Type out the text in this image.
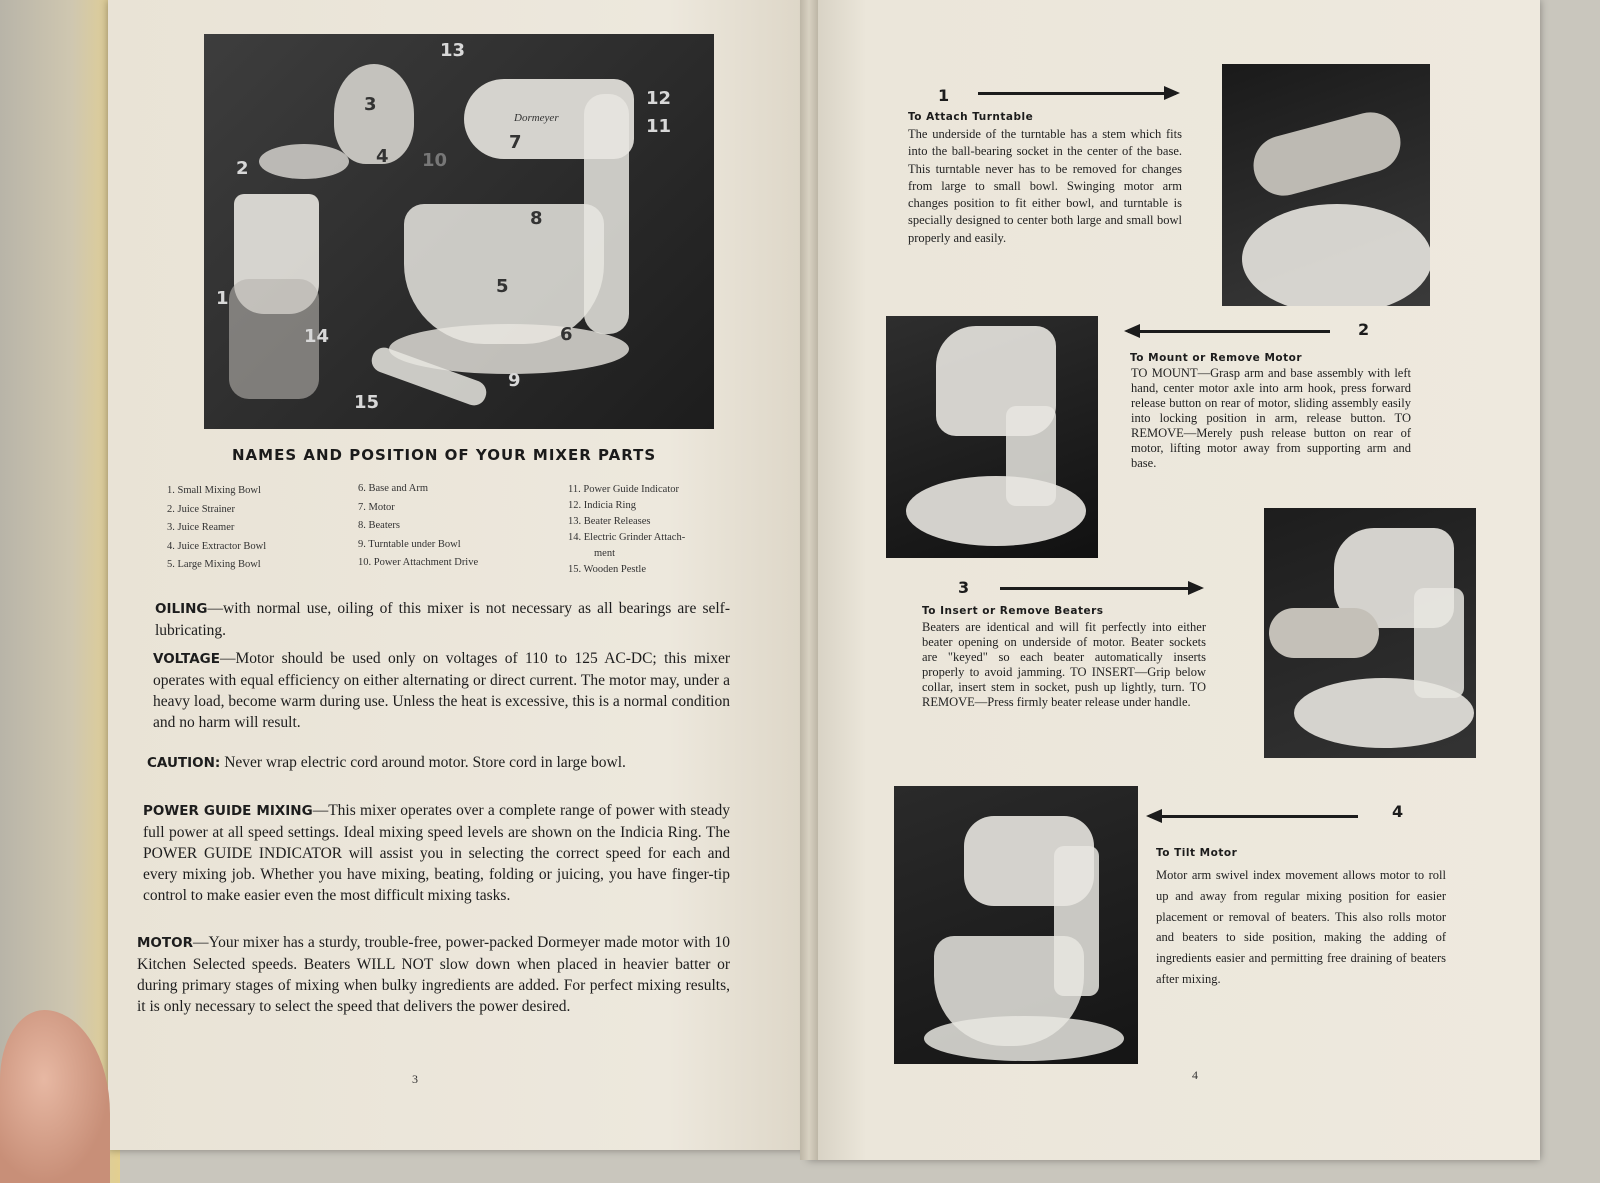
Dormeyer
13
3
2
4 10
7
12
11
8
5
1
14	6
9
15
NAMES AND POSITION OF YOUR MIXER PARTS
1. Small Mixing Bowl
2. Juice Strainer
3. Juice Reamer
4. Juice Extractor Bowl
5. Large Mixing Bowl
6. Base and Arm
7. Motor
8. Beaters
9. Turntable under Bowl
10. Power Attachment Drive
11. Power Guide Indicator
12. Indicia Ring
13. Beater Releases
14. Electric Grinder Attach-
ment
15. Wooden Pestle
OILING—with normal use, oiling of this mixer is not necessary as all bearings are self-lubricating.
VOLTAGE—Motor should be used only on voltages of 110 to 125 AC-DC; this mixer operates with equal efficiency on either alternating or direct current. The motor may, under a heavy load, become warm during use. Unless the heat is excessive, this is a normal condition and no harm will result.
CAUTION: Never wrap electric cord around motor. Store cord in large bowl.
POWER GUIDE MIXING—This mixer operates over a complete range of power with steady full power at all speed settings. Ideal mixing speed levels are shown on the Indicia Ring. The POWER GUIDE INDICATOR will assist you in selecting the correct speed for each and every mixing job. Whether you have mixing, beating, folding or juicing, you have finger-tip control to make easier even the most difficult mixing tasks.
MOTOR—Your mixer has a sturdy, trouble-free, power-packed Dormeyer made motor with 10 Kitchen Selected speeds. Beaters WILL NOT slow down when placed in heavier batter or during primary stages of mixing when bulky ingredients are added. For perfect mixing results, it is only necessary to select the speed that delivers the power desired.
3
1
To Attach Turntable
The underside of the turntable has a stem which fits into the ball-bearing socket in the center of the base. This turntable never has to be removed for changes from large to small bowl. Swinging motor arm changes position to fit either bowl, and turntable is specially designed to center both large and small bowl properly and easily.
2
To Mount or Remove Motor
TO MOUNT—Grasp arm and base assembly with left hand, center motor axle into arm hook, press forward release button on rear of motor, sliding assembly easily into locking position in arm, release button. TO REMOVE—Merely push release button on rear of motor, lifting motor away from supporting arm and base.
3
To Insert or Remove Beaters
Beaters are identical and will fit perfectly into either beater opening on underside of motor. Beater sockets are "keyed" so each beater automatically inserts properly to avoid jamming. TO INSERT—Grip below collar, insert stem in socket, push up lightly, turn. TO REMOVE—Press firmly beater release under handle.
4
To Tilt Motor
Motor arm swivel index movement allows motor to roll up and away from regular mixing position for easier placement or removal of beaters. This also rolls motor and beaters to side position, making the adding of ingredients easier and permitting free draining of beaters after mixing.
4
